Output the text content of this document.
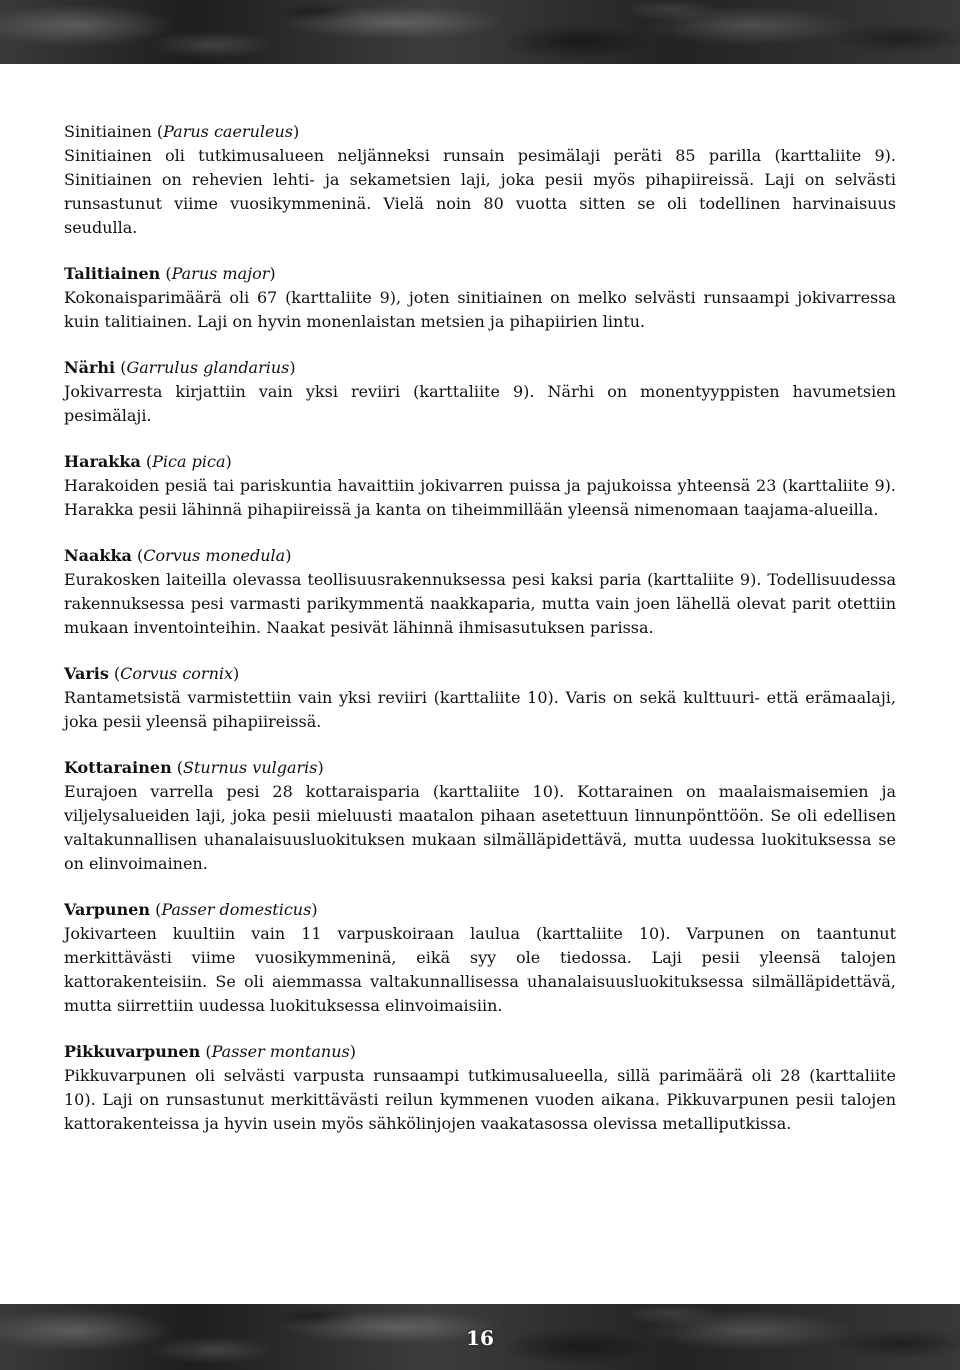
Sinitiainen (Parus caeruleus)

Sinitiainen oli tutkimusalueen neljänneksi runsain pesimälaji peräti 85 parilla (karttaliite 9). Sinitiainen on rehevien lehti- ja sekametsien laji, joka pesii myös pihapiireissä. Laji on selvästi runsastunut viime vuosikymmeninä. Vielä noin 80 vuotta sitten se oli todellinen harvinaisuus seudulla.

Talitiainen (Parus major)

Kokonaisparimäärä oli 67 (karttaliite 9), joten sinitiainen on melko selvästi runsaampi jokivarressa kuin talitiainen. Laji on hyvin monenlaistan metsien ja pihapiirien lintu.

Närhi (Garrulus glandarius)

Jokivarresta kirjattiin vain yksi reviiri (karttaliite 9). Närhi on monentyyppisten havumetsien pesimälaji.

Harakka (Pica pica)

Harakoiden pesiä tai pariskuntia havaittiin jokivarren puissa ja pajukoissa yhteensä 23 (karttaliite 9). Harakka pesii lähinnä pihapiireissä ja kanta on tiheimmillään yleensä nimenomaan taajama-alueilla.

Naakka (Corvus monedula)

Eurakosken laiteilla olevassa teollisuusrakennuksessa pesi kaksi paria (karttaliite 9). Todellisuudessa rakennuksessa pesi varmasti parikymmentä naakkaparia, mutta vain joen lähellä olevat parit otettiin mukaan inventointeihin. Naakat pesivät lähinnä ihmisasutuksen parissa.

Varis (Corvus cornix)

Rantametsistä varmistettiin vain yksi reviiri (karttaliite 10). Varis on sekä kulttuuri- että erämaalaji, joka pesii yleensä pihapiireissä.

Kottarainen (Sturnus vulgaris)

Eurajoen varrella pesi 28 kottaraisparia (karttaliite 10). Kottarainen on maalaismaisemien ja viljelysalueiden laji, joka pesii mieluusti maatalon pihaan asetettuun linnunpönttöön. Se oli edellisen valtakunnallisen uhanalaisuusluokituksen mukaan silmälläpidettävä, mutta uudessa luokituksessa se on elinvoimainen.

Varpunen (Passer domesticus)

Jokivarteen kuultiin vain 11 varpuskoiraan laulua (karttaliite 10). Varpunen on taantunut merkittävästi viime vuosikymmeninä, eikä syy ole tiedossa. Laji pesii yleensä talojen kattorakenteisiin. Se oli aiemmassa valtakunnallisessa uhanalaisuusluokituksessa silmälläpidettävä, mutta siirrettiin uudessa luokituksessa elinvoimaisiin.

Pikkuvarpunen (Passer montanus)

Pikkuvarpunen oli selvästi varpusta runsaampi tutkimusalueella, sillä parimäärä oli 28 (karttaliite 10). Laji on runsastunut merkittävästi reilun kymmenen vuoden aikana. Pikkuvarpunen pesii talojen kattorakenteissa ja hyvin usein myös sähkölinjojen vaakatasossa olevissa metalliputkissa.

16
